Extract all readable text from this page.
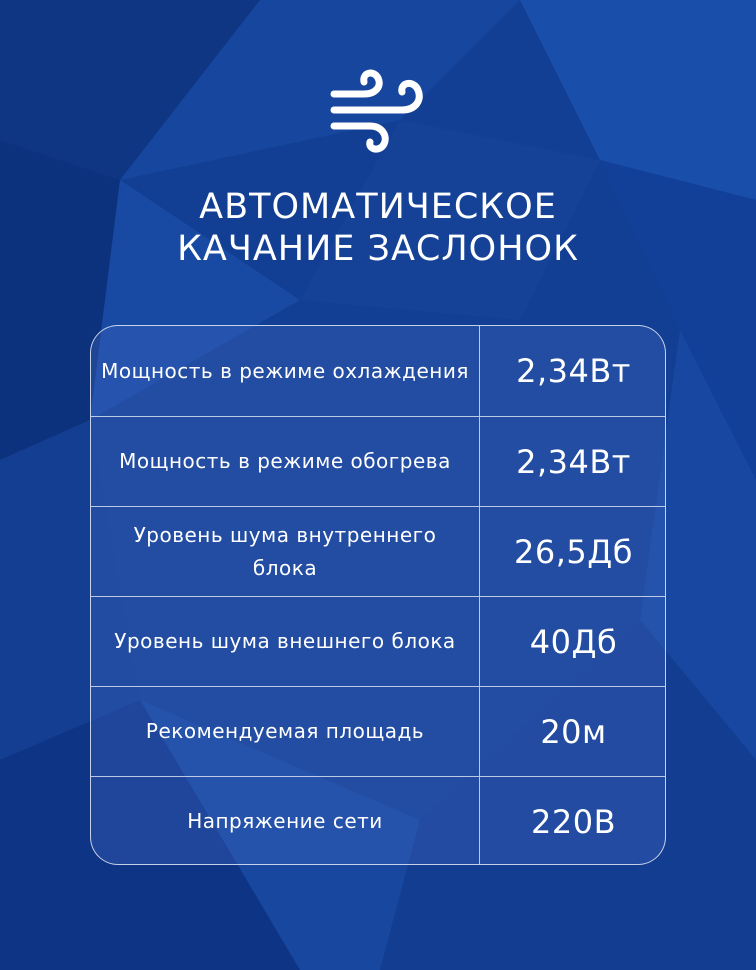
АВТОМАТИЧЕСКОЕ
КАЧАНИЕ ЗАСЛОНОК
Мощность в режиме охлаждения	2,34Вт
Мощность в режиме обогрева	2,34Вт
Уровень шума внутреннего блока	26,5Дб
Уровень шума внешнего блока	40Дб
Рекомендуемая площадь	20м
Напряжение сети	220В
